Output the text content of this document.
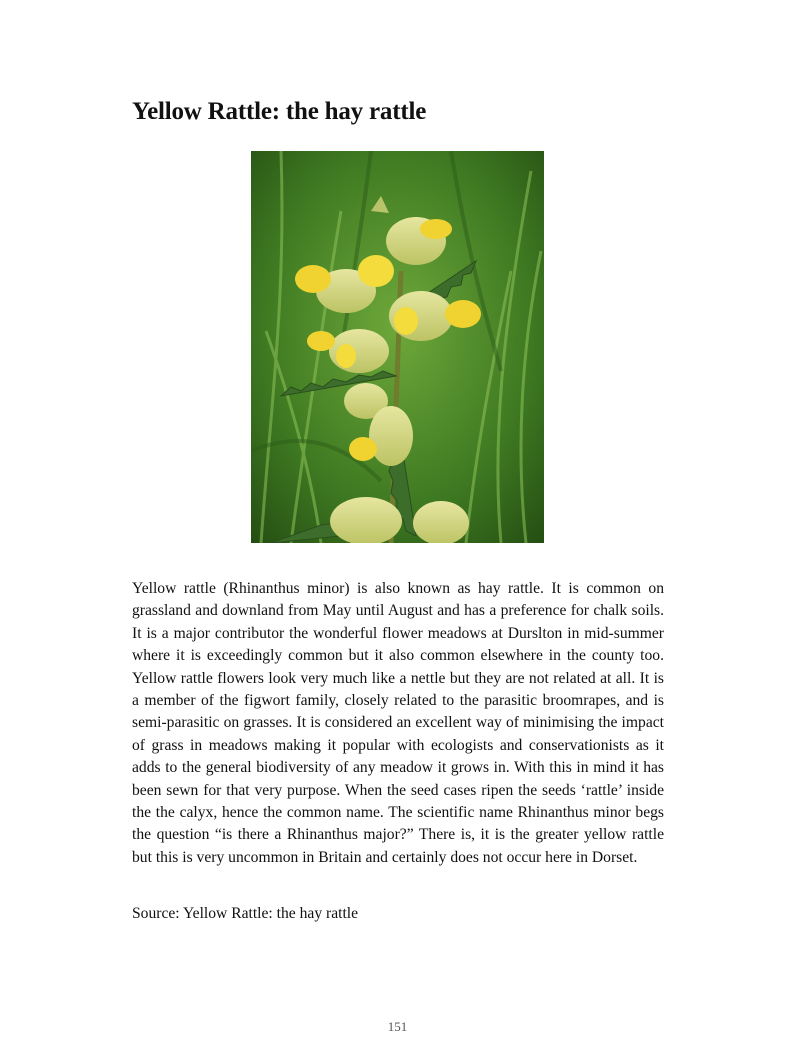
Yellow Rattle: the hay rattle

Yellow rattle (Rhinanthus minor) is also known as hay rattle. It is common on grassland and downland from May until August and has a preference for chalk soils. It is a major contributor the wonderful flower meadows at Durslton in mid-summer where it is exceedingly common but it also common elsewhere in the county too. Yellow rattle flowers look very much like a nettle but they are not related at all. It is a member of the figwort family, closely related to the parasitic broomrapes, and is semi-parasitic on grasses. It is considered an excellent way of minimising the impact of grass in meadows making it popular with ecologists and conservationists as it adds to the general biodiversity of any meadow it grows in. With this in mind it has been sewn for that very purpose. When the seed cases ripen the seeds ‘rattle’ inside the the calyx, hence the common name. The scientific name Rhinanthus minor begs the question “is there a Rhinanthus major?” There is, it is the greater yellow rattle but this is very uncommon in Britain and certainly does not occur here in Dorset.

Source: Yellow Rattle: the hay rattle

151
